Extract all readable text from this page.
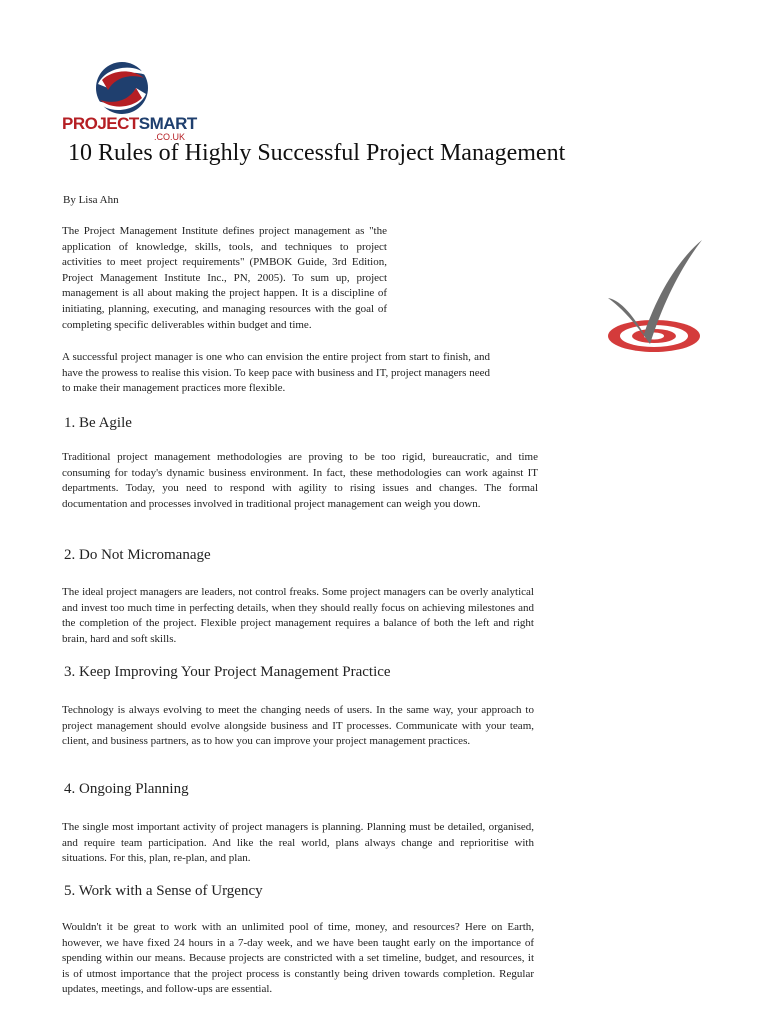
PROJECTSMART
.CO.UK
10 Rules of Highly Successful Project Management
By Lisa Ahn

The Project Management Institute defines project management as "the application of knowledge, skills, tools, and techniques to project activities to meet project requirements" (PMBOK Guide, 3rd Edition, Project Management Institute Inc., PN, 2005). To sum up, project management is all about making the project happen. It is a discipline of initiating, planning, executing, and managing resources with the goal of completing specific deliverables within budget and time.

A successful project manager is one who can envision the entire project from start to finish, and have the prowess to realise this vision. To keep pace with business and IT, project managers need to make their management practices more flexible.

1. Be Agile

Traditional project management methodologies are proving to be too rigid, bureaucratic, and time consuming for today's dynamic business environment. In fact, these methodologies can work against IT departments. Today, you need to respond with agility to rising issues and changes. The formal documentation and processes involved in traditional project management can weigh you down.

2. Do Not Micromanage

The ideal project managers are leaders, not control freaks. Some project managers can be overly analytical and invest too much time in perfecting details, when they should really focus on achieving milestones and the completion of the project. Flexible project management requires a balance of both the left and right brain, hard and soft skills.

3. Keep Improving Your Project Management Practice

Technology is always evolving to meet the changing needs of users. In the same way, your approach to project management should evolve alongside business and IT processes. Communicate with your team, client, and business partners, as to how you can improve your project management practices.

4. Ongoing Planning

The single most important activity of project managers is planning. Planning must be detailed, organised, and require team participation. And like the real world, plans always change and reprioritise with situations. For this, plan, re-plan, and plan.

5. Work with a Sense of Urgency

Wouldn't it be great to work with an unlimited pool of time, money, and resources? Here on Earth, however, we have fixed 24 hours in a 7-day week, and we have been taught early on the importance of spending within our means. Because projects are constricted with a set timeline, budget, and resources, it is of utmost importance that the project process is constantly being driven towards completion. Regular updates, meetings, and follow-ups are essential.
